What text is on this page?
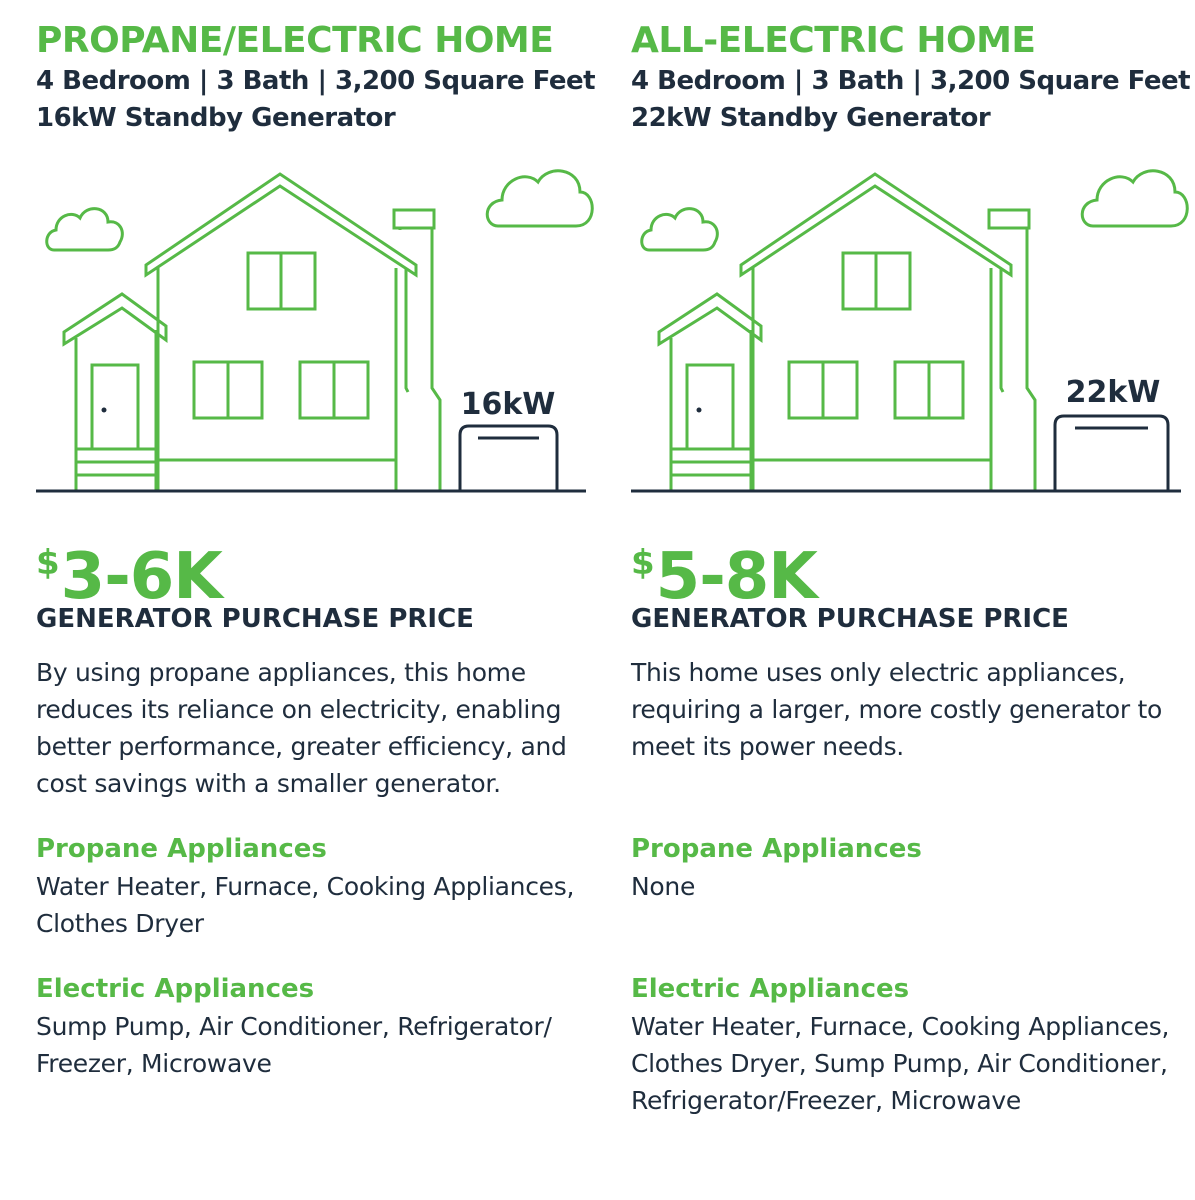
PROPANE/ELECTRIC HOME

4 Bedroom | 3 Bath | 3,200 Square Feet

16kW Standby Generator

16kW

$3-6K

GENERATOR PURCHASE PRICE

By using propane appliances, this home reduces its reliance on electricity, enabling better performance, greater efficiency, and cost savings with a smaller generator.

Propane Appliances

Water Heater, Furnace, Cooking Appliances, Clothes Dryer

Electric Appliances

Sump Pump, Air Conditioner, Refrigerator/ Freezer, Microwave

ALL-ELECTRIC HOME

4 Bedroom | 3 Bath | 3,200 Square Feet

22kW Standby Generator

22kW

$5-8K

GENERATOR PURCHASE PRICE

This home uses only electric appliances, requiring a larger, more costly generator to meet its power needs.

Propane Appliances

None

Electric Appliances

Water Heater, Furnace, Cooking Appliances, Clothes Dryer, Sump Pump, Air Conditioner, Refrigerator/Freezer, Microwave
